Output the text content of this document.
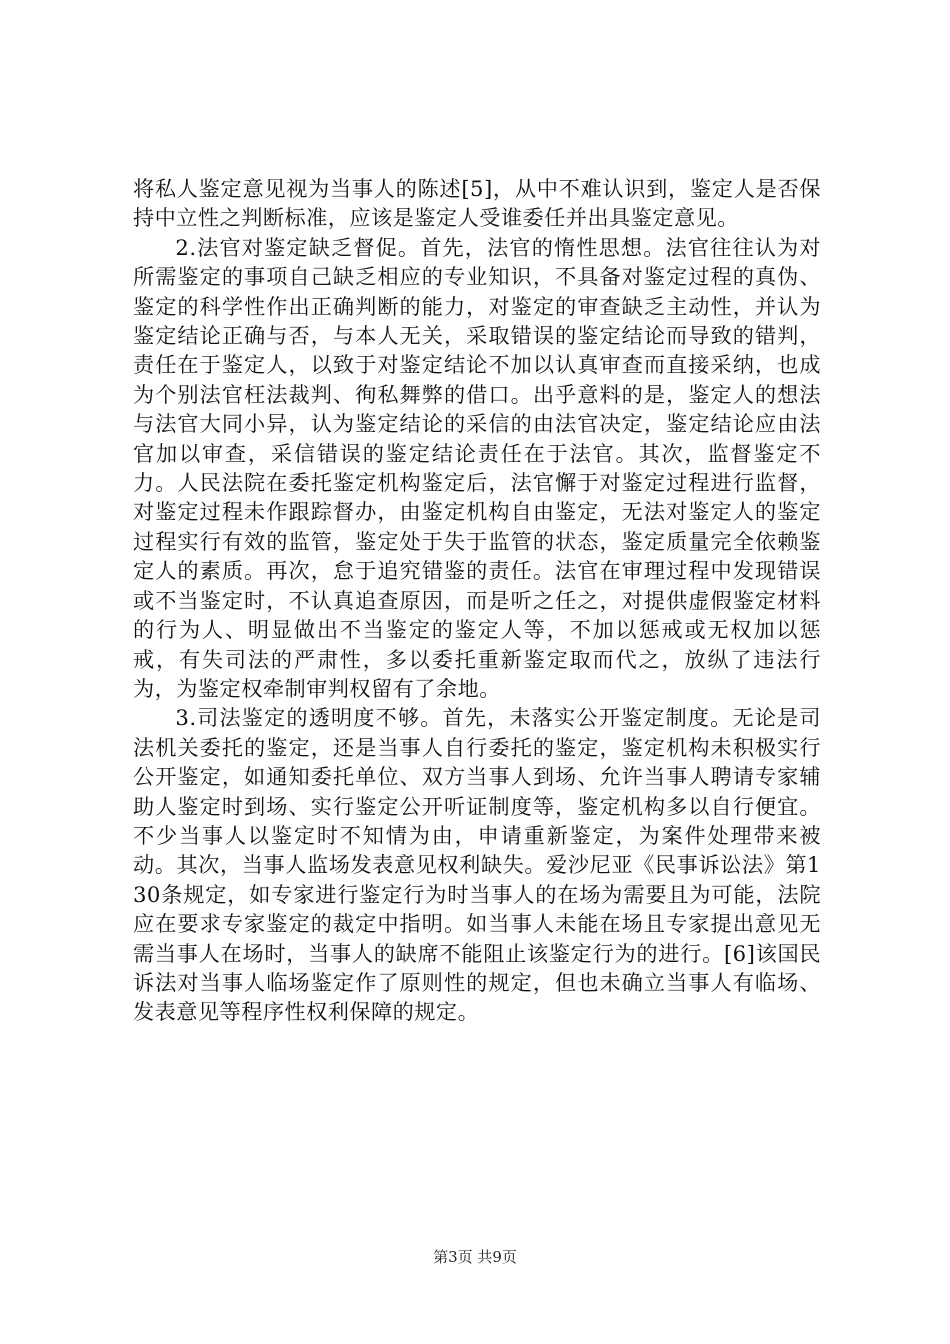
将私人鉴定意见视为当事人的陈述[5]，从中不难认识到，鉴定人是否保持中立性之判断标准，应该是鉴定人受谁委任并出具鉴定意见。

2.法官对鉴定缺乏督促。首先，法官的惰性思想。法官往往认为对所需鉴定的事项自己缺乏相应的专业知识，不具备对鉴定过程的真伪、鉴定的科学性作出正确判断的能力，对鉴定的审查缺乏主动性，并认为鉴定结论正确与否，与本人无关，采取错误的鉴定结论而导致的错判，责任在于鉴定人，以致于对鉴定结论不加以认真审查而直接采纳，也成为个别法官枉法裁判、徇私舞弊的借口。出乎意料的是，鉴定人的想法与法官大同小异，认为鉴定结论的采信的由法官决定，鉴定结论应由法官加以审查，采信错误的鉴定结论责任在于法官。其次，监督鉴定不力。人民法院在委托鉴定机构鉴定后，法官懈于对鉴定过程进行监督，对鉴定过程未作跟踪督办，由鉴定机构自由鉴定，无法对鉴定人的鉴定过程实行有效的监管，鉴定处于失于监管的状态，鉴定质量完全依赖鉴定人的素质。再次，怠于追究错鉴的责任。法官在审理过程中发现错误或不当鉴定时，不认真追查原因，而是听之任之，对提供虚假鉴定材料的行为人、明显做出不当鉴定的鉴定人等，不加以惩戒或无权加以惩戒，有失司法的严肃性，多以委托重新鉴定取而代之，放纵了违法行为，为鉴定权牵制审判权留有了余地。

3.司法鉴定的透明度不够。首先，未落实公开鉴定制度。无论是司法机关委托的鉴定，还是当事人自行委托的鉴定，鉴定机构未积极实行公开鉴定，如通知委托单位、双方当事人到场、允许当事人聘请专家辅助人鉴定时到场、实行鉴定公开听证制度等，鉴定机构多以自行便宜。不少当事人以鉴定时不知情为由，申请重新鉴定，为案件处理带来被动。其次，当事人监场发表意见权利缺失。爱沙尼亚《民事诉讼法》第130条规定，如专家进行鉴定行为时当事人的在场为需要且为可能，法院应在要求专家鉴定的裁定中指明。如当事人未能在场且专家提出意见无需当事人在场时，当事人的缺席不能阻止该鉴定行为的进行。[6]该国民诉法对当事人临场鉴定作了原则性的规定，但也未确立当事人有临场、发表意见等程序性权利保障的规定。

第3页 共9页
